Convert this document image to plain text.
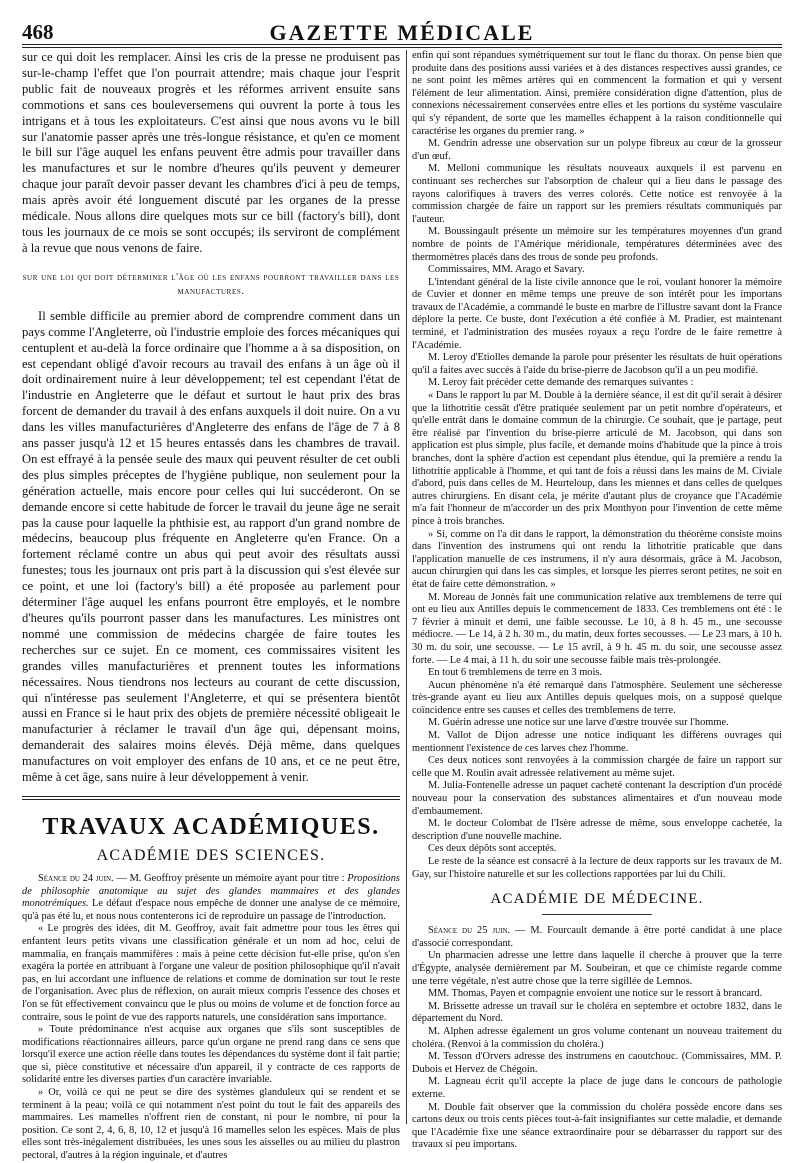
468	GAZETTE MÉDICALE

sur ce qui doit les remplacer. Ainsi les cris de la presse ne produisent pas sur-le-champ l'effet que l'on pourrait attendre; mais chaque jour l'esprit public fait de nouveaux progrès et les réformes arrivent ensuite sans commotions et sans ces bouleversemens qui ouvrent la porte à tous les intrigans et à tous les exploitateurs. C'est ainsi que nous avons vu le bill sur l'anatomie passer après une très-longue résistance, et qu'en ce moment le bill sur l'âge auquel les enfans peuvent être admis pour travailler dans les manufactures et sur le nombre d'heures qu'ils peuvent y demeurer chaque jour paraît devoir passer devant les chambres d'ici à peu de temps, mais après avoir été longuement discuté par les organes de la presse médicale. Nous allons dire quelques mots sur ce bill (factory's bill), dont tous les journaux de ce mois se sont occupés; ils serviront de complément à la revue que nous venons de faire.

sur une loi qui doit déterminer l'âge où les enfans pourront travailler dans les manufactures.

Il semble difficile au premier abord de comprendre comment dans un pays comme l'Angleterre, où l'industrie emploie des forces mécaniques qui centuplent et au-delà la force ordinaire que l'homme a à sa disposition, on est cependant obligé d'avoir recours au travail des enfans à un âge où il doit ordinairement nuire à leur développement; tel est cependant l'état de l'industrie en Angleterre que le défaut et surtout le haut prix des bras forcent de demander du travail à des enfans auxquels il doit nuire. On a vu dans les villes manufacturières d'Angleterre des enfans de l'âge de 7 à 8 ans passer jusqu'à 12 et 15 heures entassés dans les chambres de travail. On est effrayé à la pensée seule des maux qui peuvent résulter de cet oubli des plus simples préceptes de l'hygiène publique, non seulement pour la génération actuelle, mais encore pour celles qui lui succéderont. On se demande encore si cette habitude de forcer le travail du jeune âge ne serait pas la cause pour laquelle la phthisie est, au rapport d'un grand nombre de médecins, beaucoup plus fréquente en Angleterre qu'en France. On a fortement réclamé contre un abus qui peut avoir des résultats aussi funestes; tous les journaux ont pris part à la discussion qui s'est élevée sur ce point, et une loi (factory's bill) a été proposée au parlement pour déterminer l'âge auquel les enfans pourront être employés, et le nombre d'heures qu'ils pourront passer dans les manufactures. Les ministres ont nommé une commission de médecins chargée de faire toutes les recherches sur ce sujet. En ce moment, ces commissaires visitent les grandes villes manufacturières et prennent toutes les informations nécessaires. Nous tiendrons nos lecteurs au courant de cette discussion, qui n'intéresse pas seulement l'Angleterre, et qui se présentera bientôt aussi en France si le haut prix des objets de première nécessité obligeait le manufacturier à réclamer le travail d'un âge qui, dépensant moins, demanderait des salaires moins élevés. Déjà même, dans quelques manufactures on voit employer des enfans de 10 ans, et ce ne peut être, même à cet âge, sans nuire à leur développement à venir.

TRAVAUX ACADÉMIQUES.
ACADÉMIE DES SCIENCES.

Séance du 24 juin. — M. Geoffroy présente un mémoire ayant pour titre : Propositions de philosophie anatomique au sujet des glandes mammaires et des glandes monotrémiques. Le défaut d'espace nous empêche de donner une analyse de ce mémoire, qu'à pas été lu, et nous nous contenterons ici de reproduire un passage de l'introduction.

« Le progrès des idées, dit M. Geoffroy, avait fait admettre pour tous les êtres qui enfantent leurs petits vivans une classification générale et un nom ad hoc, celui de mammalia, en français mammifères : mais à peine cette décision fut-elle prise, qu'on s'en exagéra la portée en attribuant à l'organe une valeur de position philosophique qu'il n'avait pas, en lui accordant une influence de relations et comme de domination sur tout le reste de l'organisation. Avec plus de réflexion, on aurait mieux compris l'essence des choses et l'on se fût effectivement convaincu que le plus ou moins de volume et de fonction force au contraire, sous le point de vue des rapports naturels, une considération sans importance.

» Toute prédominance n'est acquise aux organes que s'ils sont susceptibles de modifications réactionnaires ailleurs, parce qu'un organe ne prend rang dans ce sens que lorsqu'il exerce une action réelle dans toutes les dépendances du système dont il fait partie; que si, pièce constitutive et nécessaire d'un appareil, il y contracte de ces rapports de solidarité entre les diverses parties d'un caractère invariable.

» Or, voilà ce qui ne peut se dire des systèmes glanduleux qui se rendent et se terminent à la peau; voilà ce qui notamment n'est point du tout le fait des appareils des mammaires. Les mamelles n'offrent rien de constant, ni pour le nombre, ni pour la position. Ce sont 2, 4, 6, 8, 10, 12 et jusqu'à 16 mamelles selon les espèces. Mais de plus elles sont très-inégalement distribuées, les unes sous les aisselles ou au milieu du plastron pectoral, d'autres à la région inguinale, et d'autres

enfin qui sont répandues symétriquement sur tout le flanc du thorax. On pense bien que produite dans des positions aussi variées et à des distances respectives aussi grandes, ce ne sont point les mêmes artères qui en commencent la formation et qui y versent l'élément de leur alimentation. Ainsi, première considération digne d'attention, plus de connexions nécessairement conservées entre elles et les portions du système vasculaire qui s'y répandent, de sorte que les mamelles échappent à la raison conditionnelle qui caractérise les organes du premier rang. »

M. Gendrin adresse une observation sur un polype fibreux au cœur de la grosseur d'un œuf.

M. Melloni communique les résultats nouveaux auxquels il est parvenu en continuant ses recherches sur l'absorption de chaleur qui a lieu dans le passage des rayons calorifiques à travers des verres colorés. Cette notice est renvoyée à la commission chargée de faire un rapport sur les premiers résultats communiqués par l'auteur.

M. Boussingault présente un mémoire sur les températures moyennes d'un grand nombre de points de l'Amérique méridionale, températures déterminées avec des thermomètres placés dans des trous de sonde peu profonds.

Commissaires, MM. Arago et Savary.

L'intendant général de la liste civile annonce que le roi, voulant honorer la mémoire de Cuvier et donner en même temps une preuve de son intérêt pour les importans travaux de l'Académie, a commandé le buste en marbre de l'illustre savant dont la France déplore la perte. Ce buste, dont l'exécution a été confiée à M. Pradier, est maintenant terminé, et l'administration des musées royaux a reçu l'ordre de le faire remettre à l'Académie.

M. Leroy d'Etiolles demande la parole pour présenter les résultats de huit opérations qu'il a faites avec succès à l'aide du brise-pierre de Jacobson qu'il a un peu modifié.

M. Leroy fait précéder cette demande des remarques suivantes :

« Dans le rapport lu par M. Double à la dernière séance, il est dit qu'il serait à désirer que la lithotritie cessât d'être pratiquée seulement par un petit nombre d'opérateurs, et qu'elle entrât dans le domaine commun de la chirurgie. Ce souhait, que je partage, peut être réalisé par l'invention du brise-pierre articulé de M. Jacobson, qui dans son application est plus simple, plus facile, et demande moins d'habitude que la pince à trois branches, dont la sphère d'action est cependant plus étendue, qui la première a rendu la lithotritie applicable à l'homme, et qui tant de fois a réussi dans les mains de M. Civiale d'abord, puis dans celles de M. Heurteloup, dans les miennes et dans celles de quelques autres chirurgiens. En disant cela, je mérite d'autant plus de croyance que l'Académie m'a fait l'honneur de m'accorder un des prix Monthyon pour l'invention de cette même pince à trois branches.

» Si, comme on l'a dit dans le rapport, la démonstration du théorème consiste moins dans l'invention des instrumens qui ont rendu la lithotritie praticable que dans l'application manuelle de ces instrumens, il n'y aura désormais, grâce à M. Jacobson, aucun chirurgien qui dans les cas simples, et lorsque les pierres seront petites, ne soit en état de faire cette démonstration. »

M. Moreau de Jonnès fait une communication relative aux tremblemens de terre qui ont eu lieu aux Antilles depuis le commencement de 1833. Ces tremblemens ont été : le 7 février à minuit et demi, une faible secousse. Le 10, à 8 h. 45 m., une secousse médiocre. — Le 14, à 2 h. 30 m., du matin, deux fortes secousses. — Le 23 mars, à 10 h. 30 m. du soir, une secousse. — Le 15 avril, à 9 h. 45 m. du soir, une secousse assez forte. — Le 4 mai, à 11 h. du soir une secousse faible mais très-prolongée.

En tout 6 tremblemens de terre en 3 mois.

Aucun phénomène n'a été remarqué dans l'atmosphère. Seulement une sécheresse très-grande ayant eu lieu aux Antilles depuis quelques mois, on a supposé quelque coïncidence entre ses causes et celles des tremblemens de terre.

M. Guérin adresse une notice sur une larve d'œstre trouvée sur l'homme.

M. Vallot de Dijon adresse une notice indiquant les différens ouvrages qui mentionnent l'existence de ces larves chez l'homme.

Ces deux notices sont renvoyées à la commission chargée de faire un rapport sur celle que M. Roulin avait adressée relativement au même sujet.

M. Julia-Fontenelle adresse un paquet cacheté contenant la description d'un procédé nouveau pour la conservation des substances alimentaires et d'un nouveau mode d'embaumement.

M. le docteur Colombat de l'Isère adresse de même, sous enveloppe cachetée, la description d'une nouvelle machine.

Ces deux dépôts sont acceptés.

Le reste de la séance est consacré à la lecture de deux rapports sur les travaux de M. Gay, sur l'histoire naturelle et sur les collections rapportées par lui du Chili.

ACADÉMIE DE MÉDECINE.

Séance du 25 juin. — M. Fourcault demande à être porté candidat à une place d'associé correspondant.

Un pharmacien adresse une lettre dans laquelle il cherche à prouver que la terre d'Égypte, analysée dernièrement par M. Soubeiran, et que ce chimiste regarde comme une terre végétale, n'est autre chose que la terre sigillée de Lemnos.

MM. Thomas, Payen et compagnie envoient une notice sur le ressort à brancard.

M. Brissette adresse un travail sur le choléra en septembre et octobre 1832, dans le département du Nord.

M. Alphen adresse également un gros volume contenant un nouveau traitement du choléra. (Renvoi à la commission du choléra.)

M. Tesson d'Orvers adresse des instrumens en caoutchouc. (Commissaires, MM. P. Dubois et Hervez de Chégoin.

M. Lagneau écrit qu'il accepte la place de juge dans le concours de pathologie externe.

M. Double fait observer que la commission du choléra possède encore dans ses cartons deux ou trois cents pièces tout-à-fait insignifiantes sur cette maladie, et demande que l'Académie fixe une séance extraordinaire pour se débarrasser du rapport sur des travaux si peu importans.
